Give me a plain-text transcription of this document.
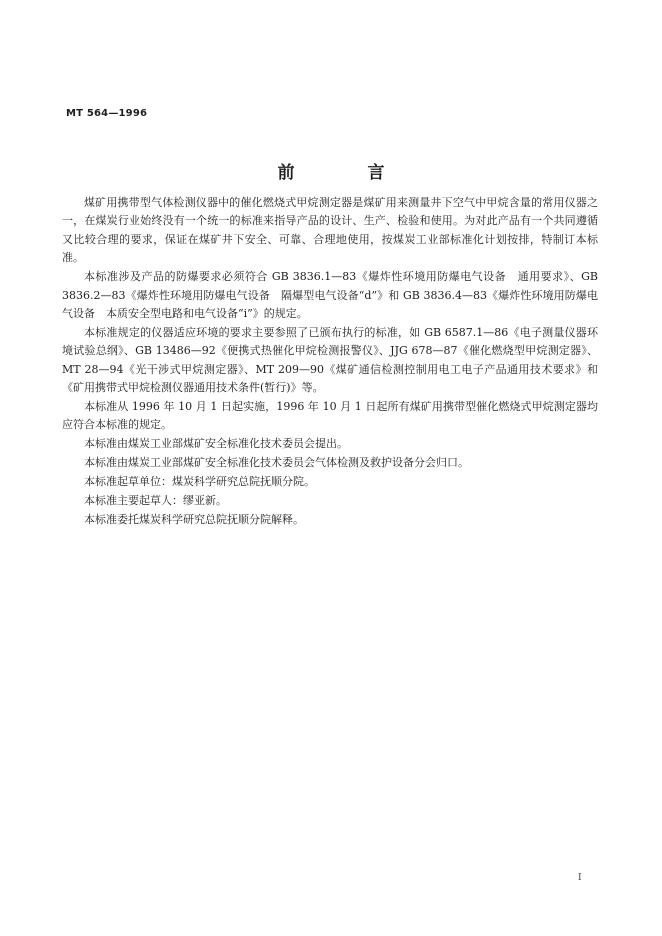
MT 564—1996
前　言

煤矿用携带型气体检测仪器中的催化燃烧式甲烷测定器是煤矿用来测量井下空气中甲烷含量的常用仪器之一，在煤炭行业始终没有一个统一的标准来指导产品的设计、生产、检验和使用。为对此产品有一个共同遵循又比较合理的要求，保证在煤矿井下安全、可靠、合理地使用，按煤炭工业部标准化计划按排，特制订本标准。

本标准涉及产品的防爆要求必须符合 GB 3836.1—83《爆炸性环境用防爆电气设备　通用要求》、GB 3836.2—83《爆炸性环境用防爆电气设备　隔爆型电气设备“d”》和 GB 3836.4—83《爆炸性环境用防爆电气设备　本质安全型电路和电气设备“i”》的规定。

本标准规定的仪器适应环境的要求主要参照了已颁布执行的标准，如 GB 6587.1—86《电子测量仪器环境试验总纲》、GB 13486—92《便携式热催化甲烷检测报警仪》、JJG 678—87《催化燃烧型甲烷测定器》、MT 28—94《光干涉式甲烷测定器》、MT 209—90《煤矿通信检测控制用电工电子产品通用技术要求》和《矿用携带式甲烷检测仪器通用技术条件(暂行)》等。

本标准从 1996 年 10 月 1 日起实施，1996 年 10 月 1 日起所有煤矿用携带型催化燃烧式甲烷测定器均应符合本标准的规定。

本标准由煤炭工业部煤矿安全标准化技术委员会提出。

本标准由煤炭工业部煤矿安全标准化技术委员会气体检测及救护设备分会归口。

本标准起草单位：煤炭科学研究总院抚顺分院。

本标准主要起草人：缪亚新。

本标准委托煤炭科学研究总院抚顺分院解释。

I
